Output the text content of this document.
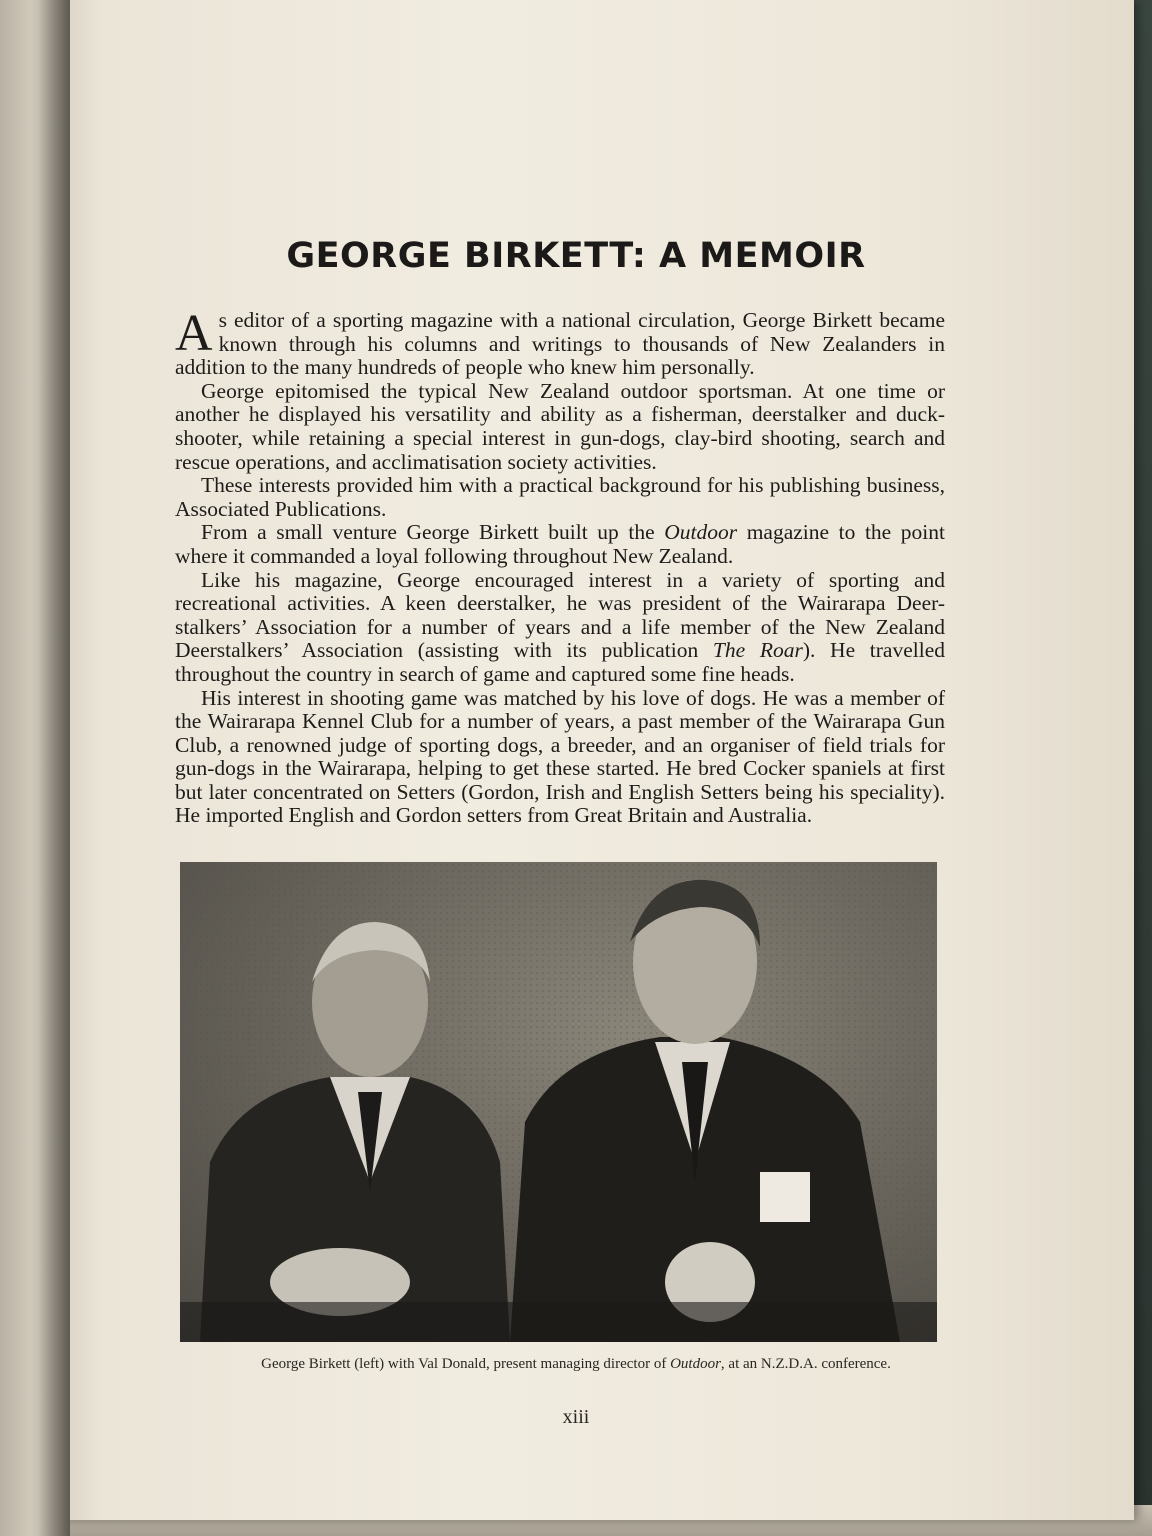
GEORGE BIRKETT: A MEMOIR

As editor of a sporting magazine with a national circulation, George Birkett became known through his columns and writings to thousands of New Zealanders in addition to the many hundreds of people who knew him personally.

George epitomised the typical New Zealand outdoor sportsman. At one time or another he displayed his versatility and ability as a fisherman, deerstalker and duck-shooter, while retaining a special interest in gun-dogs, clay-bird shooting, search and rescue operations, and acclimatisation society activities.

These interests provided him with a practical background for his publishing business, Associated Publications.

From a small venture George Birkett built up the Outdoor magazine to the point where it commanded a loyal following throughout New Zealand.

Like his magazine, George encouraged interest in a variety of sporting and recreational activities. A keen deerstalker, he was president of the Wairarapa Deer-stalkers’ Association for a number of years and a life member of the New Zealand Deerstalkers’ Association (assisting with its publication The Roar). He travelled throughout the country in search of game and captured some fine heads.

His interest in shooting game was matched by his love of dogs. He was a member of the Wairarapa Kennel Club for a number of years, a past member of the Wairarapa Gun Club, a renowned judge of sporting dogs, a breeder, and an organiser of field trials for gun-dogs in the Wairarapa, helping to get these started. He bred Cocker spaniels at first but later concentrated on Setters (Gordon, Irish and English Setters being his speciality). He imported English and Gordon setters from Great Britain and Australia.

George Birkett (left) with Val Donald, present managing director of Outdoor, at an N.Z.D.A. conference.
xiii
